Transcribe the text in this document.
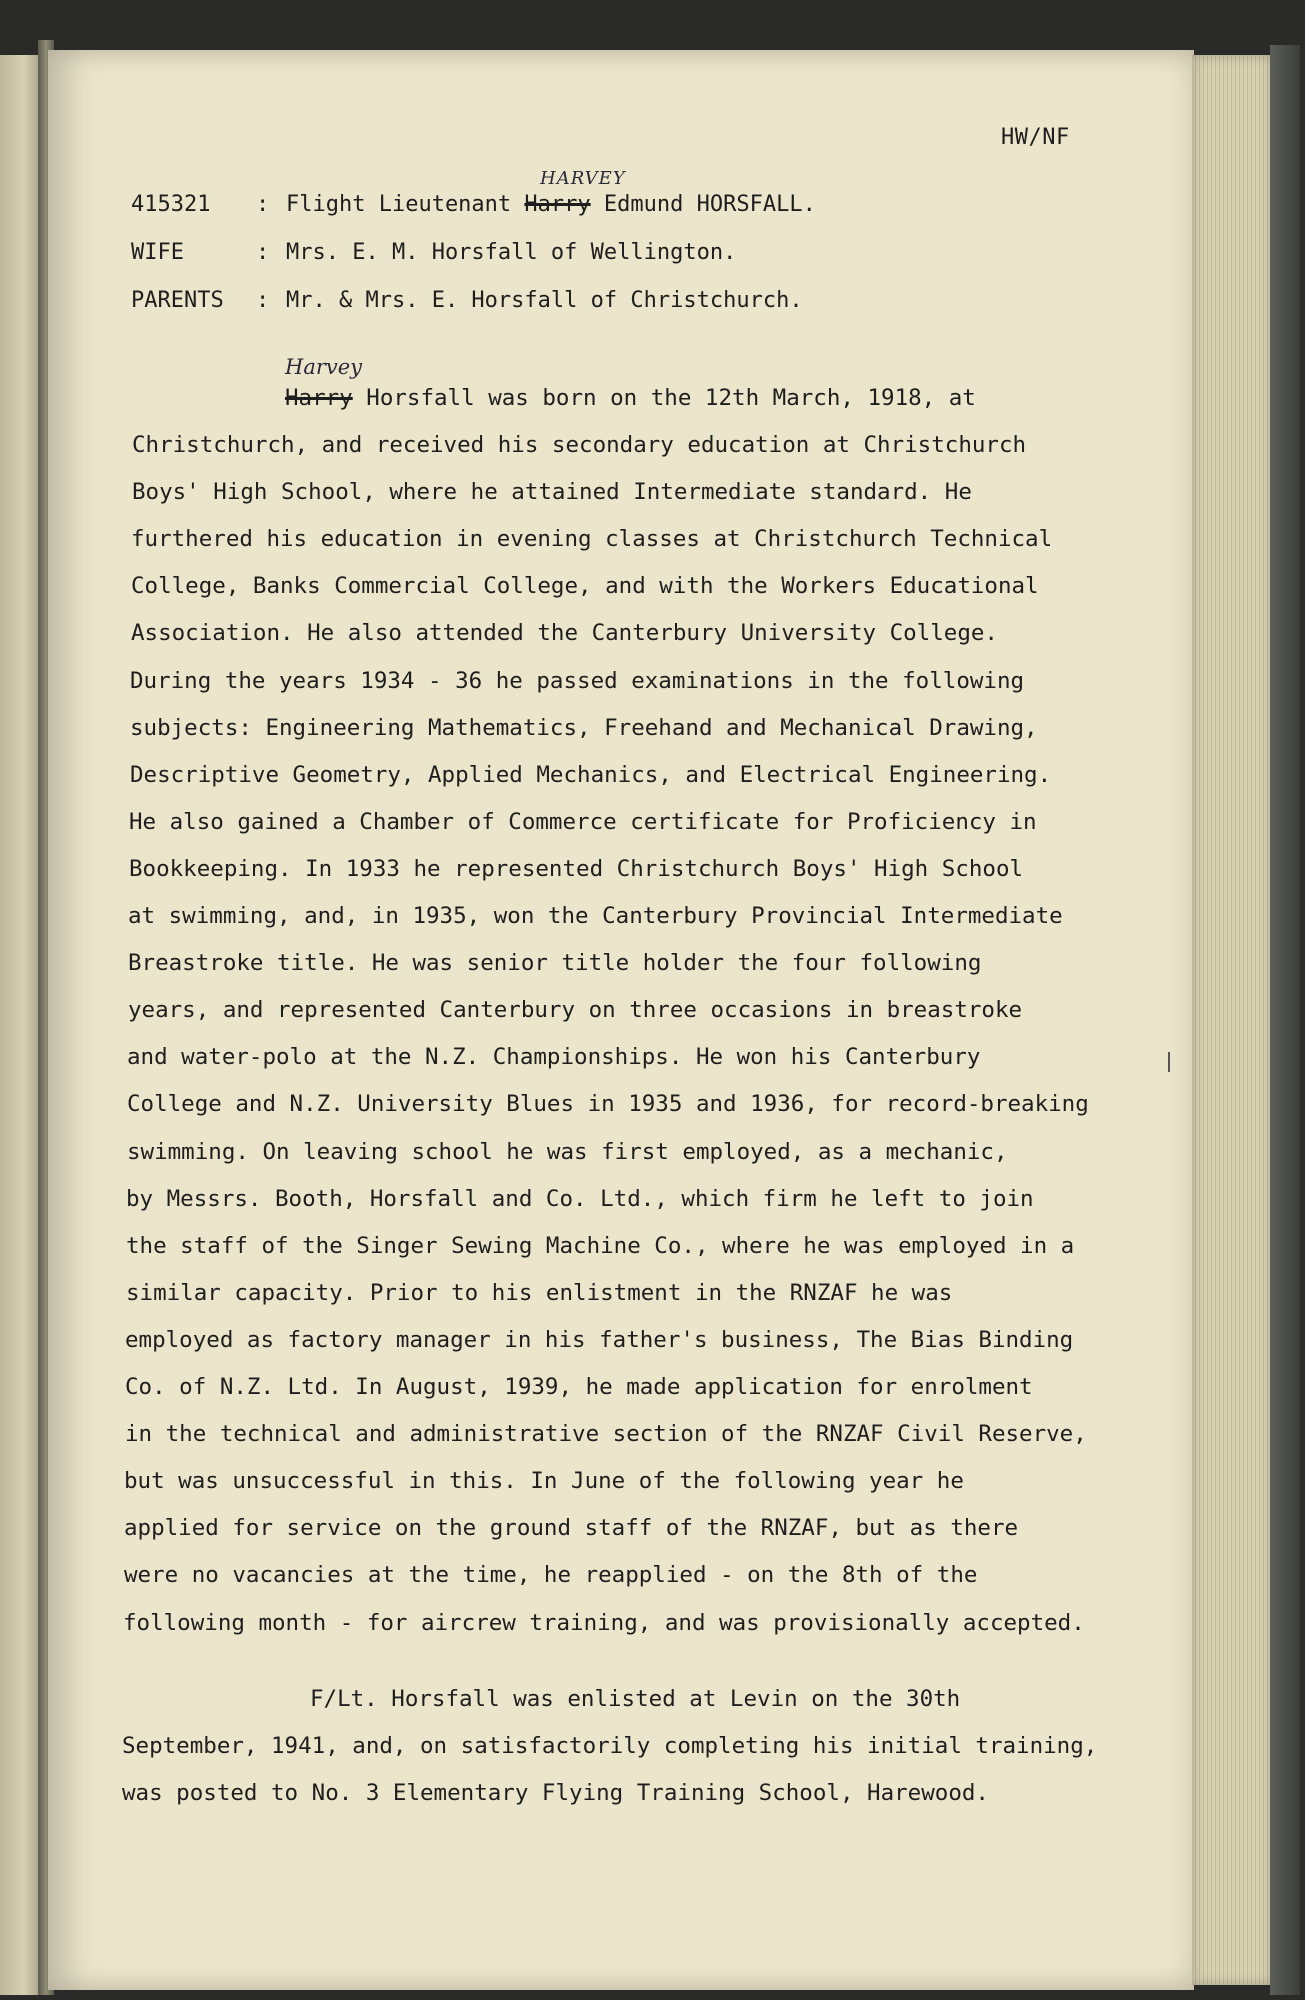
HW/NF
415321	: Flight Lieutenant Harry Edmund HORSFALL.
HARVEY
WIFE	: Mrs. E. M. Horsfall of Wellington.
PARENTS	: Mr. & Mrs. E. Horsfall of Christchurch.
Harvey
Harry Horsfall was born on the 12th March, 1918, at
Christchurch, and received his secondary education at Christchurch
Boys' High School, where he attained Intermediate standard. He
furthered his education in evening classes at Christchurch Technical
College, Banks Commercial College, and with the Workers Educational
Association. He also attended the Canterbury University College.
During the years 1934 - 36 he passed examinations in the following
subjects: Engineering Mathematics, Freehand and Mechanical Drawing,
Descriptive Geometry, Applied Mechanics, and Electrical Engineering.
He also gained a Chamber of Commerce certificate for Proficiency in
Bookkeeping. In 1933 he represented Christchurch Boys' High School
at swimming, and, in 1935, won the Canterbury Provincial Intermediate
Breastroke title. He was senior title holder the four following
years, and represented Canterbury on three occasions in breastroke
and water-polo at the N.Z. Championships. He won his Canterbury
College and N.Z. University Blues in 1935 and 1936, for record-breaking
swimming. On leaving school he was first employed, as a mechanic,
by Messrs. Booth, Horsfall and Co. Ltd., which firm he left to join
the staff of the Singer Sewing Machine Co., where he was employed in a
similar capacity. Prior to his enlistment in the RNZAF he was
employed as factory manager in his father's business, The Bias Binding
Co. of N.Z. Ltd. In August, 1939, he made application for enrolment
in the technical and administrative section of the RNZAF Civil Reserve,
but was unsuccessful in this. In June of the following year he
applied for service on the ground staff of the RNZAF, but as there
were no vacancies at the time, he reapplied - on the 8th of the
following month - for aircrew training, and was provisionally accepted.
F/Lt. Horsfall was enlisted at Levin on the 30th
September, 1941, and, on satisfactorily completing his initial training,
was posted to No. 3 Elementary Flying Training School, Harewood.
